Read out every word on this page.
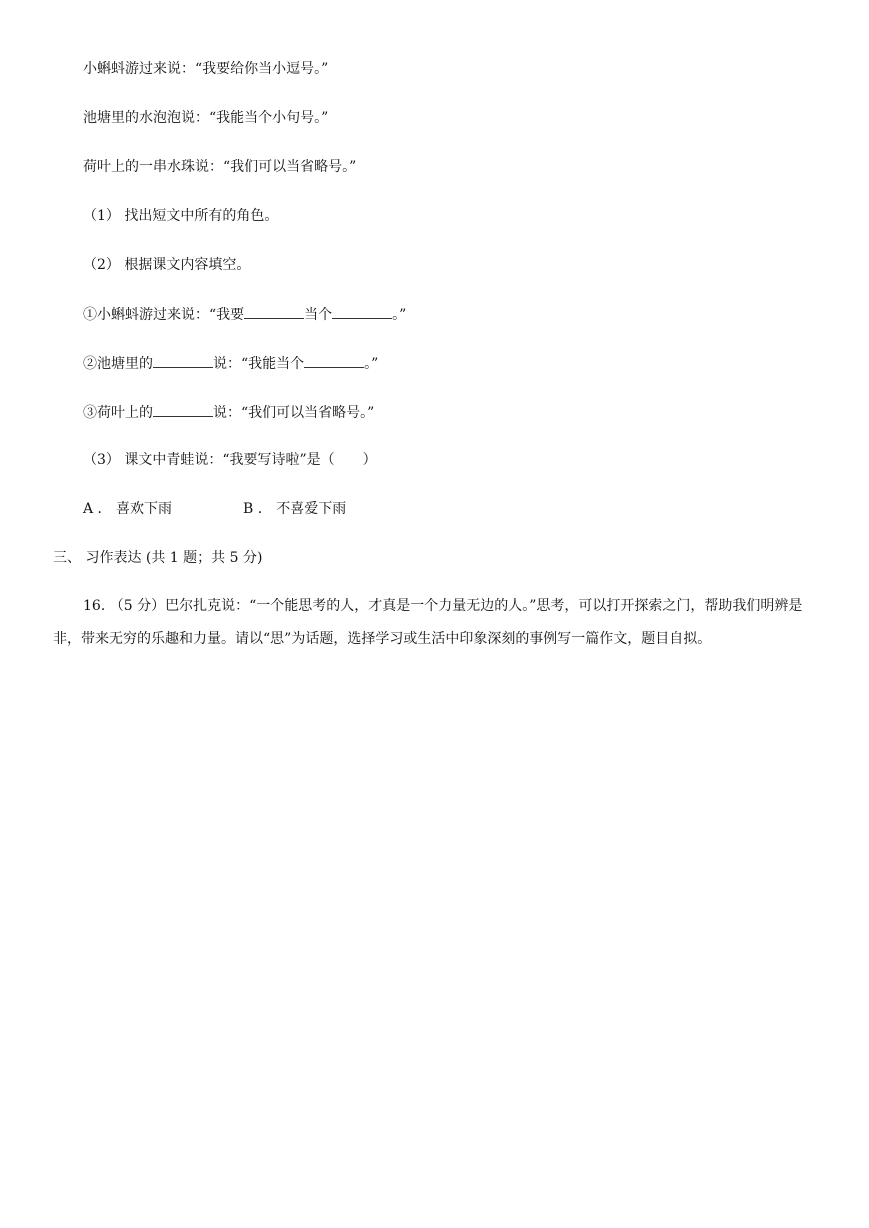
小蝌蚪游过来说：“我要给你当小逗号。”
池塘里的水泡泡说：“我能当个小句号。”
荷叶上的一串水珠说：“我们可以当省略号。”
（1） 找出短文中所有的角色。
（2） 根据课文内容填空。
①小蝌蚪游过来说：“我要	当个	。”
②池塘里的	说：“我能当个	。”
③荷叶上的	说：“我们可以当省略号。”
（3） 课文中青蛙说：“我要写诗啦”是（　　）
A ． 喜欢下雨	B ． 不喜爱下雨
三、 习作表达 (共 1 题；共 5 分)
16. （5 分）巴尔扎克说：“一个能思考的人，才真是一个力量无边的人。”思考，可以打开探索之门，帮助我们明辨是非，带来无穷的乐趣和力量。请以“思”为话题，选择学习或生活中印象深刻的事例写一篇作文，题目自拟。
